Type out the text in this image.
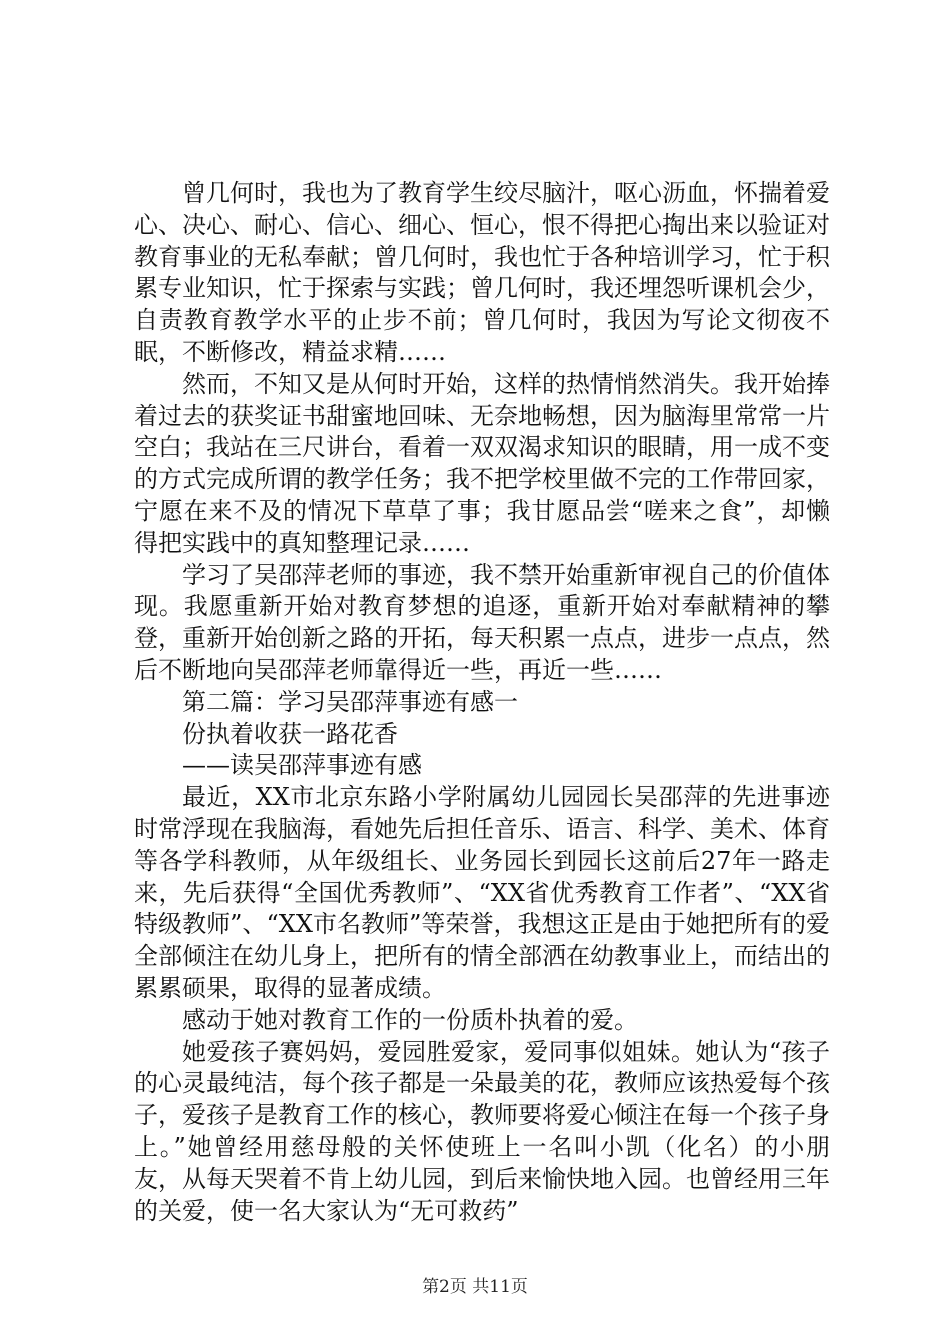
曾几何时，我也为了教育学生绞尽脑汁，呕心沥血，怀揣着爱心、决心、耐心、信心、细心、恒心，恨不得把心掏出来以验证对教育事业的无私奉献；曾几何时，我也忙于各种培训学习，忙于积累专业知识，忙于探索与实践；曾几何时，我还埋怨听课机会少，自责教育教学水平的止步不前；曾几何时，我因为写论文彻夜不眠，不断修改，精益求精……

然而，不知又是从何时开始，这样的热情悄然消失。我开始捧着过去的获奖证书甜蜜地回味、无奈地畅想，因为脑海里常常一片空白；我站在三尺讲台，看着一双双渴求知识的眼睛，用一成不变的方式完成所谓的教学任务；我不把学校里做不完的工作带回家，宁愿在来不及的情况下草草了事；我甘愿品尝“嗟来之食”，却懒得把实践中的真知整理记录……

学习了吴邵萍老师的事迹，我不禁开始重新审视自己的价值体现。我愿重新开始对教育梦想的追逐，重新开始对奉献精神的攀登，重新开始创新之路的开拓，每天积累一点点，进步一点点，然后不断地向吴邵萍老师靠得近一些，再近一些……

第二篇：学习吴邵萍事迹有感一

份执着收获一路花香

——读吴邵萍事迹有感

最近，XX市北京东路小学附属幼儿园园长吴邵萍的先进事迹时常浮现在我脑海，看她先后担任音乐、语言、科学、美术、体育等各学科教师，从年级组长、业务园长到园长这前后27年一路走来，先后获得“全国优秀教师”、“XX省优秀教育工作者”、“XX省特级教师”、“XX市名教师”等荣誉，我想这正是由于她把所有的爱全部倾注在幼儿身上，把所有的情全部洒在幼教事业上，而结出的累累硕果，取得的显著成绩。

感动于她对教育工作的一份质朴执着的爱。

她爱孩子赛妈妈，爱园胜爱家，爱同事似姐妹。她认为“孩子的心灵最纯洁，每个孩子都是一朵最美的花，教师应该热爱每个孩子，爱孩子是教育工作的核心，教师要将爱心倾注在每一个孩子身上。”她曾经用慈母般的关怀使班上一名叫小凯（化名）的小朋友，从每天哭着不肯上幼儿园，到后来愉快地入园。也曾经用三年的关爱，使一名大家认为“无可救药”

第2页 共11页
